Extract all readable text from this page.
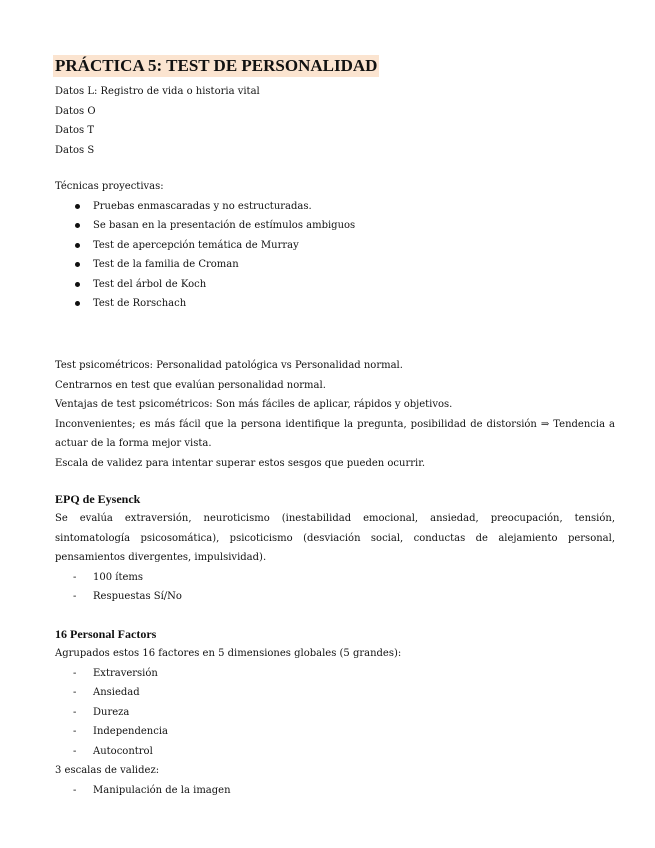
PRÁCTICA 5: TEST DE PERSONALIDAD
Datos L: Registro de vida o historia vital
Datos O
Datos T
Datos S
Técnicas proyectivas:
Pruebas enmascaradas y no estructuradas.
Se basan en la presentación de estímulos ambiguos
Test de apercepción temática de Murray
Test de la familia de Croman
Test del árbol de Koch
Test de Rorschach
Test psicométricos: Personalidad patológica vs Personalidad normal.
Centrarnos en test que evalúan personalidad normal.
Ventajas de test psicométricos: Son más fáciles de aplicar, rápidos y objetivos.
Inconvenientes; es más fácil que la persona identifique la pregunta, posibilidad de distorsión ⇒ Tendencia a actuar de la forma mejor vista.
Escala de validez para intentar superar estos sesgos que pueden ocurrir.
EPQ de Eysenck
Se evalúa extraversión, neuroticismo (inestabilidad emocional, ansiedad, preocupación, tensión, sintomatología psicosomática), psicoticismo (desviación social, conductas de alejamiento personal, pensamientos divergentes, impulsividad).
- 100 ítems
- Respuestas Sí/No
16 Personal Factors
Agrupados estos 16 factores en 5 dimensiones globales (5 grandes):
- Extraversión
- Ansiedad
- Dureza
- Independencia
- Autocontrol
3 escalas de validez:
- Manipulación de la imagen
